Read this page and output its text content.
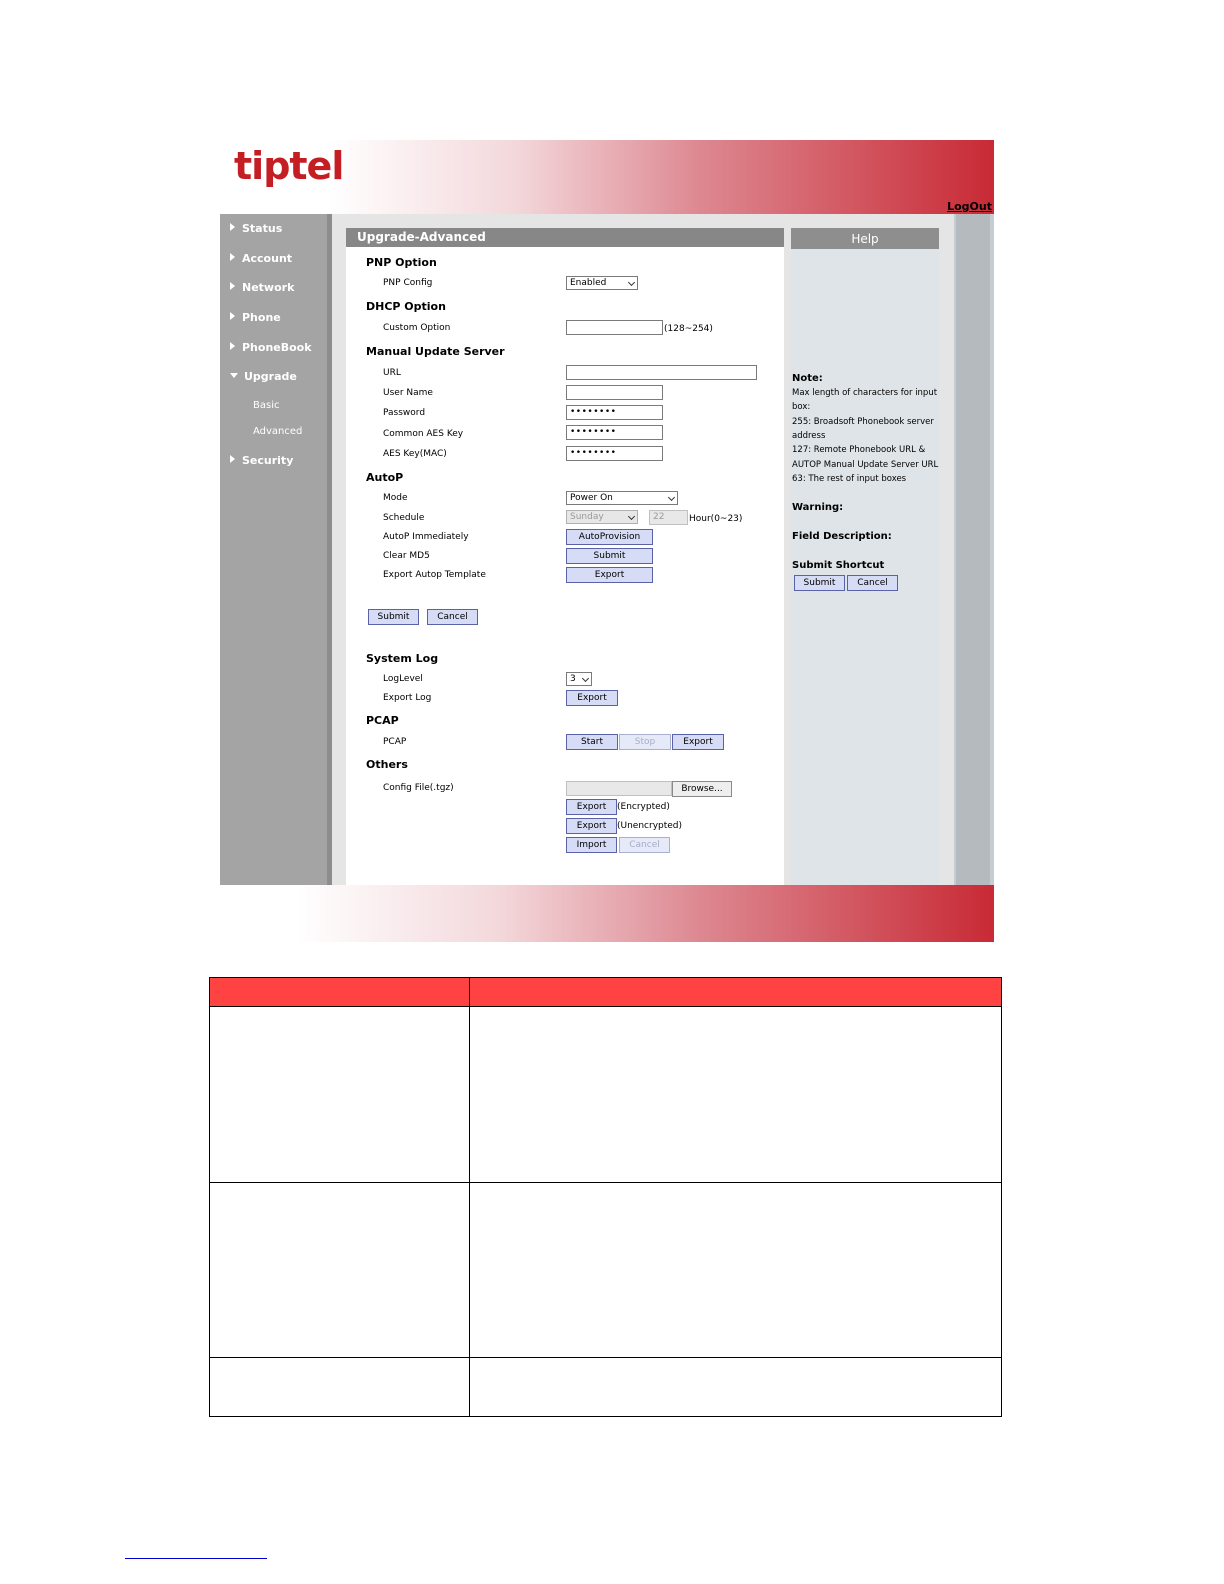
tiptel
LogOut
Status
Account
Network
Phone
PhoneBook
Upgrade
Basic
Advanced
Security
Upgrade-Advanced	Help
PNP Option
PNP Config	Enabled
DHCP Option
Custom Option	(128~254)
Manual Update Server
URL
User Name
Password	••••••••
Common AES Key	••••••••
AES Key(MAC)	••••••••
AutoP
Mode	Power On
Schedule	Sunday	22	Hour(0~23)
AutoP Immediately	AutoProvision
Clear MD5	Submit
Export Autop Template	Export
Submit	Cancel
System Log
LogLevel	3
Export Log	Export
PCAP
PCAP	Start	Stop	Export
Others
Config File(.tgz)	Browse...
Export	(Encrypted)
Export	(Unencrypted)
Import	Cancel
Note:
Max length of characters for input
box:
255: Broadsoft Phonebook server
address
127: Remote Phonebook URL &
AUTOP Manual Update Server URL
63: The rest of input boxes
Warning:
Field Description:
Submit Shortcut
Submit	Cancel
